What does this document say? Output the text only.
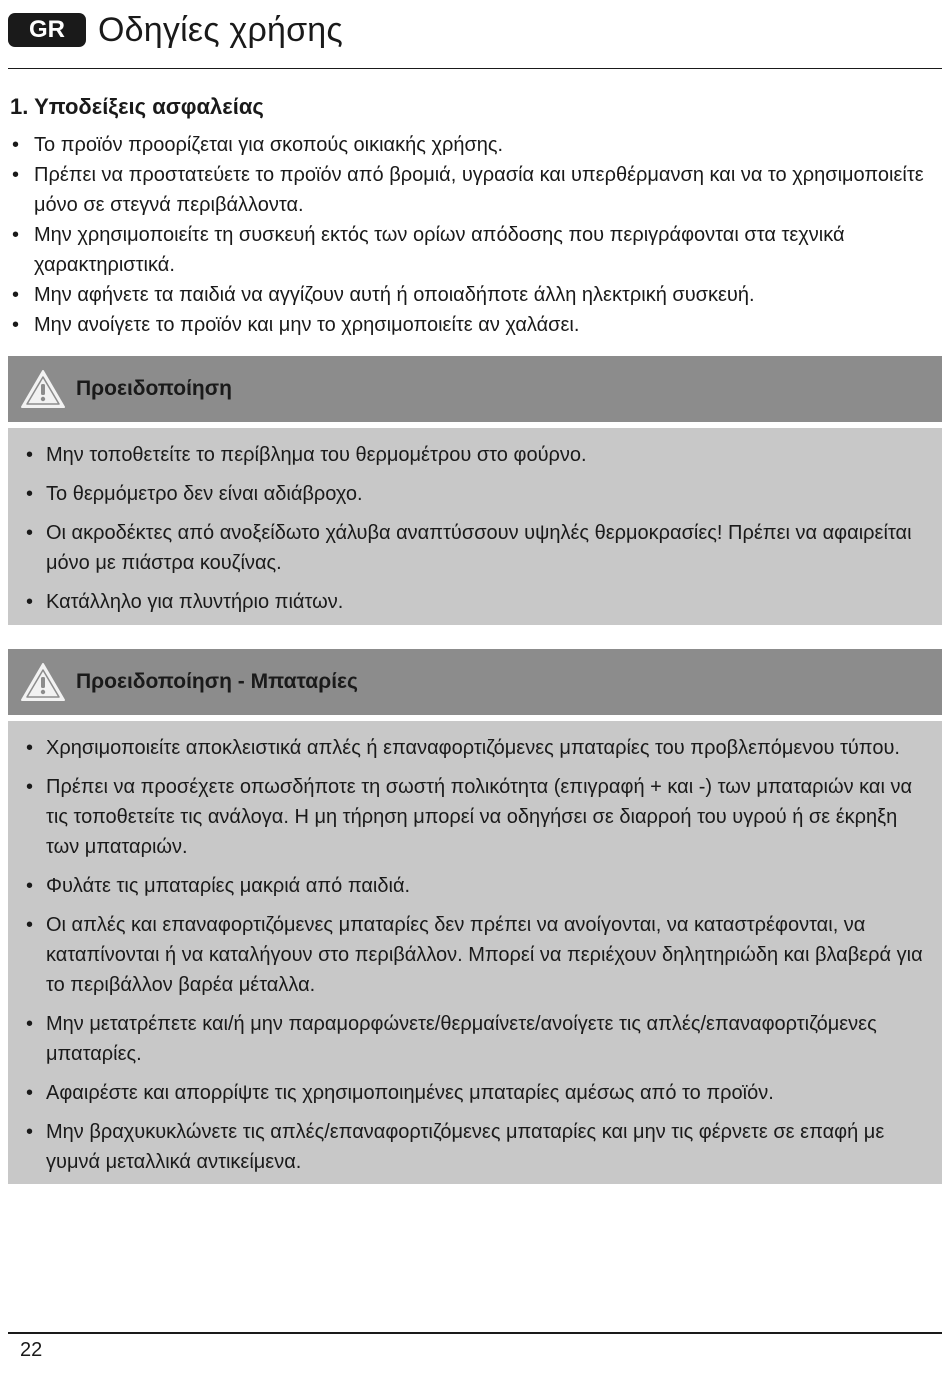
GR Οδηγίες χρήσης
1. Υποδείξεις ασφαλείας
• Το προϊόν προορίζεται για σκοπούς οικιακής χρήσης.
• Πρέπει να προστατεύετε το προϊόν από βρομιά, υγρασία και υπερθέρμανση και να το χρησιμοποιείτε μόνο σε στεγνά περιβάλλοντα.
• Μην χρησιμοποιείτε τη συσκευή εκτός των ορίων απόδοσης που περιγράφονται στα τεχνικά χαρακτηριστικά.
• Μην αφήνετε τα παιδιά να αγγίζουν αυτή ή οποιαδήποτε άλλη ηλεκτρική συσκευή.
• Μην ανοίγετε το προϊόν και μην το χρησιμοποιείτε αν χαλάσει.
Προειδοποίηση
• Μην τοποθετείτε το περίβλημα του θερμομέτρου στο φούρνο.
• Το θερμόμετρο δεν είναι αδιάβροχο.
• Οι ακροδέκτες από ανοξείδωτο χάλυβα αναπτύσσουν υψηλές θερμοκρασίες! Πρέπει να αφαιρείται μόνο με πιάστρα κουζίνας.
• Κατάλληλο για πλυντήριο πιάτων.
Προειδοποίηση - Μπαταρίες
• Χρησιμοποιείτε αποκλειστικά απλές ή επαναφορτιζόμενες μπαταρίες του προβλεπόμενου τύπου.
• Πρέπει να προσέχετε οπωσδήποτε τη σωστή πολικότητα (επιγραφή + και -) των μπαταριών και να τις τοποθετείτε τις ανάλογα. Η μη τήρηση μπορεί να οδηγήσει σε διαρροή του υγρού ή σε έκρηξη των μπαταριών.
• Φυλάτε τις μπαταρίες μακριά από παιδιά.
• Οι απλές και επαναφορτιζόμενες μπαταρίες δεν πρέπει να ανοίγονται, να καταστρέφονται, να καταπίνονται ή να καταλήγουν στο περιβάλλον. Μπορεί να περιέχουν δηλητηριώδη και βλαβερά για το περιβάλλον βαρέα μέταλλα.
• Μην μετατρέπετε και/ή μην παραμορφώνετε/θερμαίνετε/ανοίγετε τις απλές/επαναφορτιζόμενες μπαταρίες.
• Αφαιρέστε και απορρίψτε τις χρησιμοποιημένες μπαταρίες αμέσως από το προϊόν.
• Μην βραχυκυκλώνετε τις απλές/επαναφορτιζόμενες μπαταρίες και μην τις φέρνετε σε επαφή με γυμνά μεταλλικά αντικείμενα.
22
